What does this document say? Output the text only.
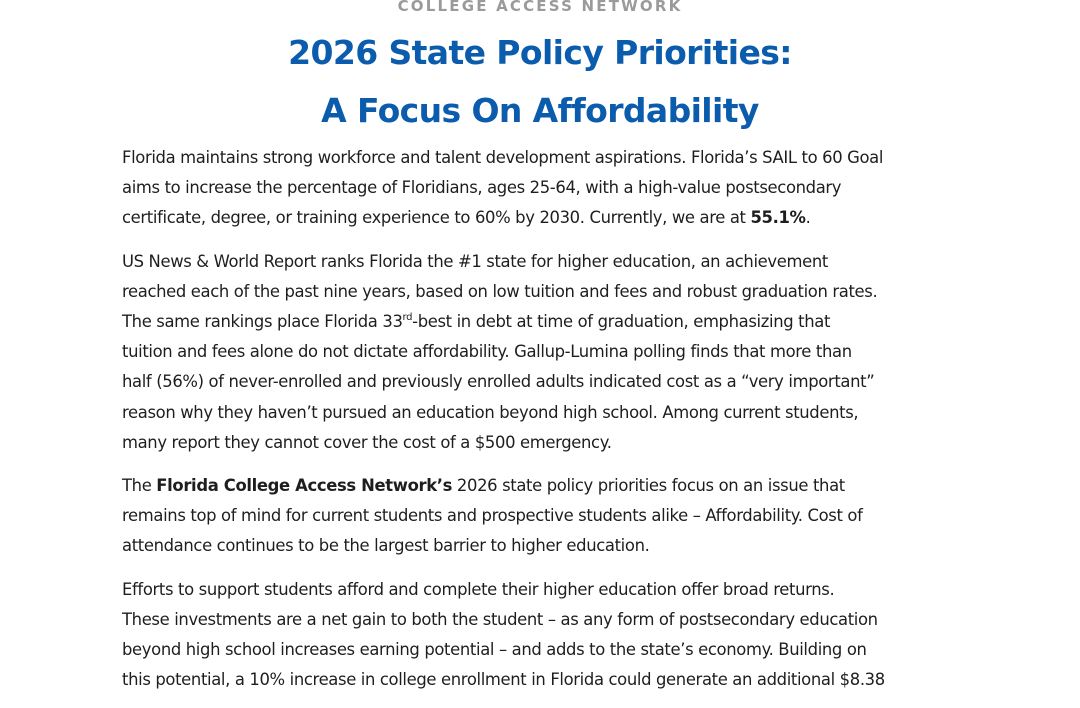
COLLEGE ACCESS NETWORK
2026 State Policy Priorities:
A Focus On Affordability

Florida maintains strong workforce and talent development aspirations. Florida’s SAIL to 60 Goal
aims to increase the percentage of Floridians, ages 25-64, with a high-value postsecondary
certificate, degree, or training experience to 60% by 2030. Currently, we are at 55.1%.

US News & World Report ranks Florida the #1 state for higher education, an achievement
reached each of the past nine years, based on low tuition and fees and robust graduation rates.
The same rankings place Florida 33rd-best in debt at time of graduation, emphasizing that
tuition and fees alone do not dictate affordability. Gallup-Lumina polling finds that more than
half (56%) of never-enrolled and previously enrolled adults indicated cost as a “very important”
reason why they haven’t pursued an education beyond high school. Among current students,
many report they cannot cover the cost of a $500 emergency.

The Florida College Access Network’s 2026 state policy priorities focus on an issue that
remains top of mind for current students and prospective students alike – Affordability. Cost of
attendance continues to be the largest barrier to higher education.

Efforts to support students afford and complete their higher education offer broad returns.
These investments are a net gain to both the student – as any form of postsecondary education
beyond high school increases earning potential – and adds to the state’s economy. Building on
this potential, a 10% increase in college enrollment in Florida could generate an additional $8.38
